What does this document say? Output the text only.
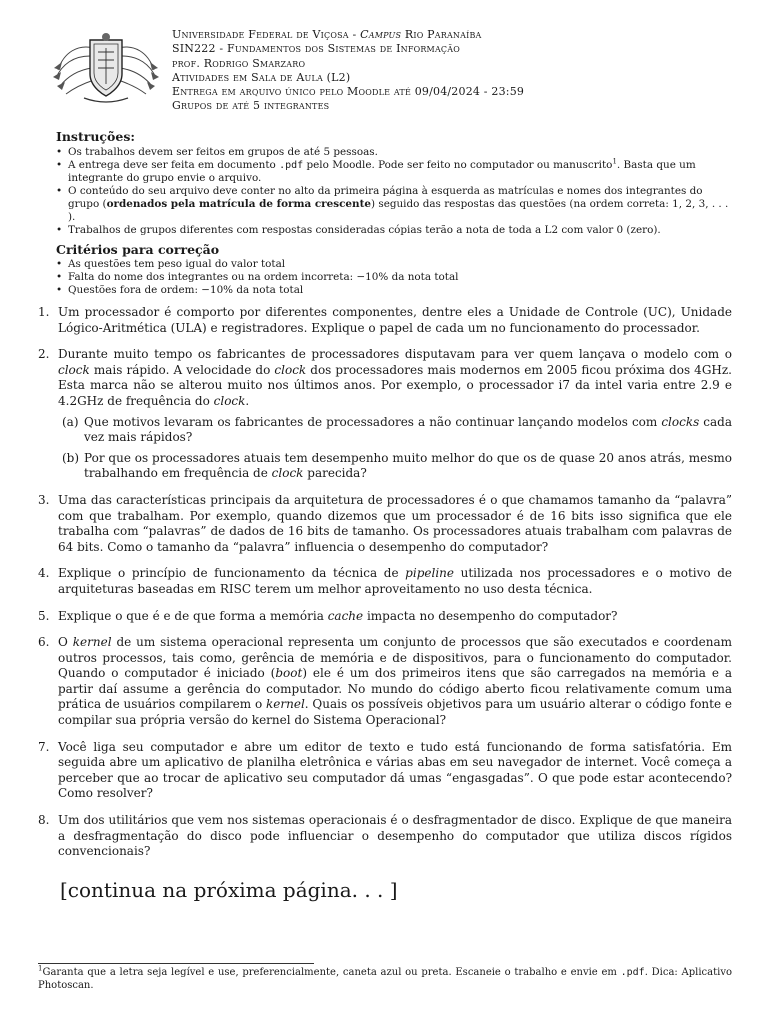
Universidade Federal de Viçosa - Campus Rio Paranaíba
SIN222 - Fundamentos dos Sistemas de Informação
prof. Rodrigo Smarzaro
Atividades em Sala de Aula (L2)
Entrega em arquivo único pelo Moodle até 09/04/2024 - 23:59
Grupos de até 5 integrantes
Instruções:
• Os trabalhos devem ser feitos em grupos de até 5 pessoas.
• A entrega deve ser feita em documento .pdf pelo Moodle. Pode ser feito no computador ou manuscrito$^1$. Basta que um integrante do grupo envie o arquivo.
• O conteúdo do seu arquivo deve conter no alto da primeira página à esquerda as matrículas e nomes dos integrantes do grupo (ordenados pela matrícula de forma crescente) seguido das respostas das questões (na ordem correta: 1, 2, 3, . . . ).
• Trabalhos de grupos diferentes com respostas consideradas cópias terão a nota de toda a L2 com valor 0 (zero).
Critérios para correção
• As questões tem peso igual do valor total
• Falta do nome dos integrantes ou na ordem incorreta: −10% da nota total
• Questões fora de ordem: −10% da nota total
1. Um processador é comporto por diferentes componentes, dentre eles a Unidade de Controle (UC), Unidade Lógico-Aritmética (ULA) e registradores. Explique o papel de cada um no funcionamento do processador.
2. Durante muito tempo os fabricantes de processadores disputavam para ver quem lançava o modelo com o clock mais rápido. A velocidade do clock dos processadores mais modernos em 2005 ficou próxima dos 4GHz. Esta marca não se alterou muito nos últimos anos. Por exemplo, o processador i7 da intel varia entre 2.9 e 4.2GHz de frequência do clock.
(a) Que motivos levaram os fabricantes de processadores a não continuar lançando modelos com clocks cada vez mais rápidos?
(b) Por que os processadores atuais tem desempenho muito melhor do que os de quase 20 anos atrás, mesmo trabalhando em frequência de clock parecida?
3. Uma das características principais da arquitetura de processadores é o que chamamos tamanho da “palavra” com que trabalham. Por exemplo, quando dizemos que um processador é de 16 bits isso significa que ele trabalha com “palavras” de dados de 16 bits de tamanho. Os processadores atuais trabalham com palavras de 64 bits. Como o tamanho da “palavra” influencia o desempenho do computador?
4. Explique o princípio de funcionamento da técnica de pipeline utilizada nos processadores e o motivo de arquiteturas baseadas em RISC terem um melhor aproveitamento no uso desta técnica.
5. Explique o que é e de que forma a memória cache impacta no desempenho do computador?
6. O kernel de um sistema operacional representa um conjunto de processos que são executados e coordenam outros processos, tais como, gerência de memória e de dispositivos, para o funcionamento do computador. Quando o computador é iniciado (boot) ele é um dos primeiros itens que são carregados na memória e a partir daí assume a gerência do computador. No mundo do código aberto ficou relativamente comum uma prática de usuários compilarem o kernel. Quais os possíveis objetivos para um usuário alterar o código fonte e compilar sua própria versão do kernel do Sistema Operacional?
7. Você liga seu computador e abre um editor de texto e tudo está funcionando de forma satisfatória. Em seguida abre um aplicativo de planilha eletrônica e várias abas em seu navegador de internet. Você começa a perceber que ao trocar de aplicativo seu computador dá umas “engasgadas”. O que pode estar acontecendo? Como resolver?
8. Um dos utilitários que vem nos sistemas operacionais é o desfragmentador de disco. Explique de que maneira a desfragmentação do disco pode influenciar o desempenho do computador que utiliza discos rígidos convencionais?
[continua na próxima página. . . ]
$^1$Garanta que a letra seja legível e use, preferencialmente, caneta azul ou preta. Escaneie o trabalho e envie em .pdf. Dica: Aplicativo Photoscan.
